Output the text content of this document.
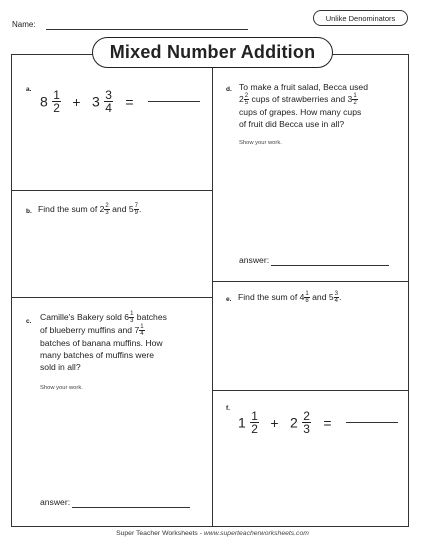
Name:
Unlike Denominators
Mixed Number Addition
a.
$8 \frac{1}{2} + 3 \frac{3}{4}$ =
b. Find the sum of $2 \frac{2}{3}$ and $5 \frac{7}{9}$ .
c. Camille's Bakery sold $6 \frac{1}{3}$ batches
of blueberry muffins and $7 \frac{1}{4}$
batches of banana muffins. How
many batches of muffins were
sold in all?
Show your work.
answer:
d. To make a fruit salad, Becca used
$2 \frac{2}{5}$ cups of strawberries and $3 \frac{1}{2}$
cups of grapes. How many cups
of fruit did Becca use in all?
Show your work.
answer:
e. Find the sum of $4 \frac{1}{8}$ and $5 \frac{3}{4}$ .
f.
$1 \frac{1}{2} + 2 \frac{2}{3}$ =
Super Teacher Worksheets - www.superteacherworksheets.com
